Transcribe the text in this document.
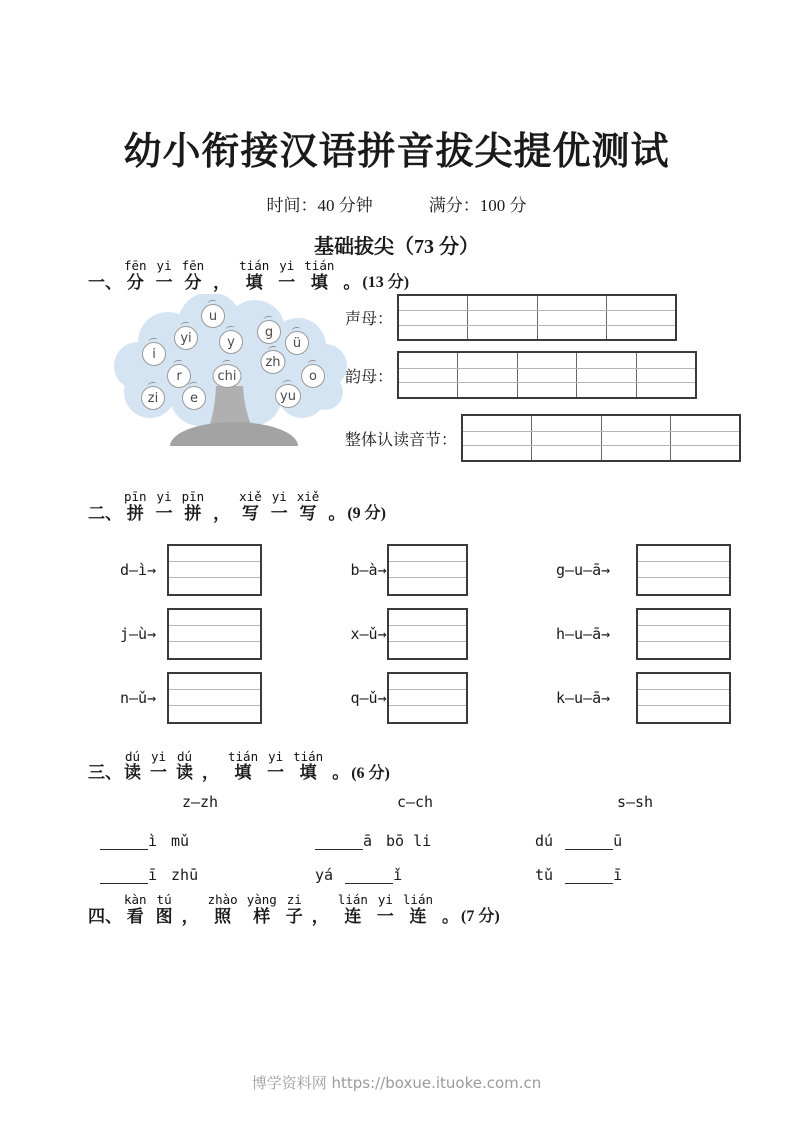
幼小衔接汉语拼音拔尖提优测试
时间：40 分钟	满分：100 分
基础拔尖（73 分）
一、
fēn
分
yi
一
fēn
分 ，
tián
填
yi
一
tián
填 。 (13 分)
u
yi	y
g
ü
i
zh
r	chi	o
zi e	yu
声母：
韵母：
整体认读音节：
二、
pīn
拼
yi
一
pīn
拼 ，
xiě
写
yi
一
xiě
写 。 (9 分)
d—ì→	b—à→	g—u—ā→
j—ù→	x—ǔ→	h—u—ā→
n—ǔ→	q—ǔ→	k—u—ā→
三、
dú
读
yi
一
dú
读 ，
tián
填
yi
一
tián
填 。 (6 分)
z—zh
ì mǔ
ī zhū
c—ch
ā bō li
yá	ǐ
s—sh
dú	ū
tǔ	ī
四、
kàn
看
tú
图 ，
zhào
照
yàng
样
zi
子 ，
lián
连
yi
一
lián
连 。 (7 分)
博学资料网 https://boxue.ituoke.com.cn
